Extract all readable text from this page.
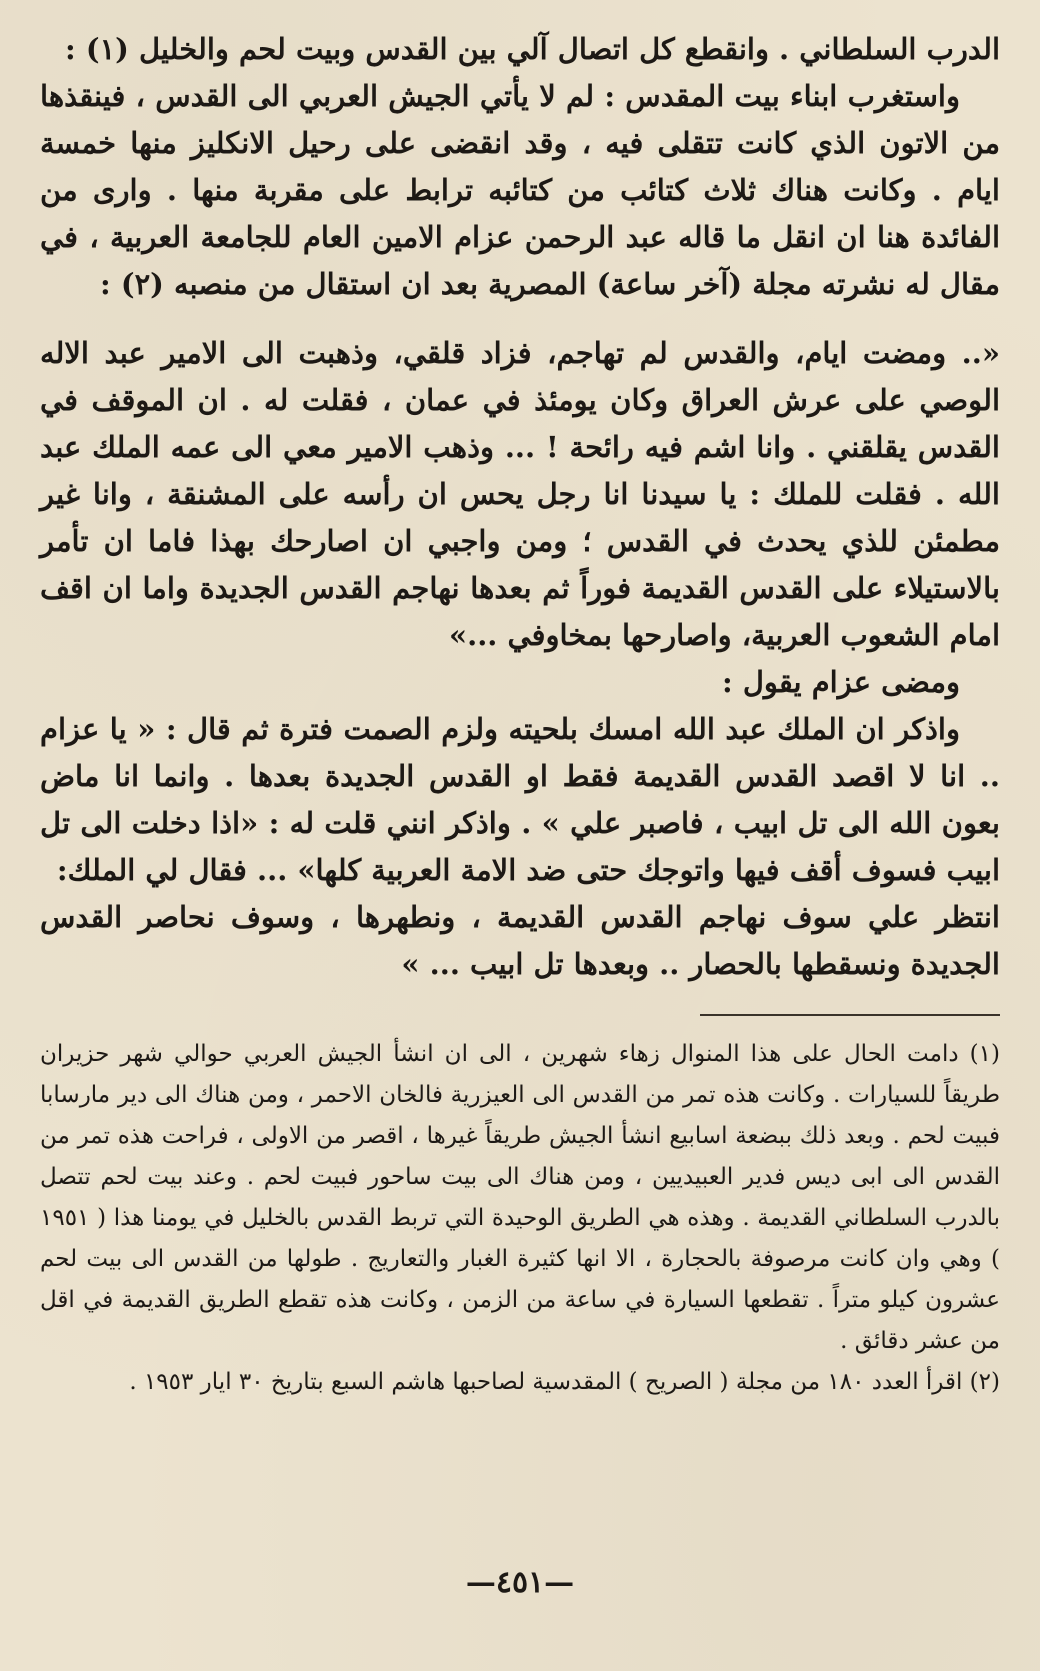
الدرب السلطاني . وانقطع كل اتصال آلي بين القدس وبيت لحم والخليل (١) :

واستغرب ابناء بيت المقدس : لم لا يأتي الجيش العربي الى القدس ، فينقذها من الاتون الذي كانت تتقلى فيه ، وقد انقضى على رحيل الانكليز منها خمسة ايام . وكانت هناك ثلاث كتائب من كتائبه ترابط على مقربة منها . واری من الفائدة هنا ان انقل ما قاله عبد الرحمن عزام الامين العام للجامعة العربية ، في مقال له نشرته مجلة (آخر ساعة) المصرية بعد ان استقال من منصبه (٢) :

«.. ومضت ايام، والقدس لم تهاجم، فزاد قلقي، وذهبت الى الامير عبد الاله الوصي على عرش العراق وكان يومئذ في عمان ، فقلت له . ان الموقف في القدس يقلقني . وانا اشم فيه رائحة ! ... وذهب الامير معي الى عمه الملك عبد الله . فقلت للملك : يا سيدنا انا رجل يحس ان رأسه على المشنقة ، وانا غير مطمئن للذي يحدث في القدس ؛ ومن واجبي ان اصارحك بهذا فاما ان تأمر بالاستيلاء على القدس القديمة فوراً ثم بعدها نهاجم القدس الجديدة واما ان اقف امام الشعوب العربية، واصارحها بمخاوفي ...»

ومضى عزام يقول :

واذكر ان الملك عبد الله امسك بلحيته ولزم الصمت فترة ثم قال : « يا عزام .. انا لا اقصد القدس القديمة فقط او القدس الجديدة بعدها . وانما انا ماض بعون الله الى تل ابيب ، فاصبر علي » . واذكر انني قلت له : «اذا دخلت الى تل ابيب فسوف أقف فيها واتوجك حتى ضد الامة العربية كلها» ... فقال لي الملك:

انتظر علي سوف نهاجم القدس القديمة ، ونطهرها ، وسوف نحاصر القدس الجديدة ونسقطها بالحصار .. وبعدها تل ابيب ... »

(١) دامت الحال على هذا المنوال زهاء شهرين ، الى ان انشأ الجيش العربي حوالي شهر حزيران طريقاً للسيارات . وكانت هذه تمر من القدس الى العيزرية فالخان الاحمر ، ومن هناك الى دير مارسابا فبيت لحم . وبعد ذلك ببضعة اسابيع انشأ الجيش طريقاً غيرها ، اقصر من الاولى ، فراحت هذه تمر من القدس الى ابى ديس فدير العبيديين ، ومن هناك الى بيت ساحور فبيت لحم . وعند بيت لحم تتصل بالدرب السلطاني القديمة . وهذه هي الطريق الوحيدة التي تربط القدس بالخليل في يومنا هذا ( ١٩٥١ ) وهي وان كانت مرصوفة بالحجارة ، الا انها كثيرة الغبار والتعاريج . طولها من القدس الى بيت لحم عشرون كيلو متراً . تقطعها السيارة في ساعة من الزمن ، وكانت هذه تقطع الطريق القديمة في اقل من عشر دقائق .

(٢) اقرأ العدد ١٨٠ من مجلة ( الصريح ) المقدسية لصاحبها هاشم السبع بتاريخ ٣٠ ايار ١٩٥٣ .

—٤٥١—
